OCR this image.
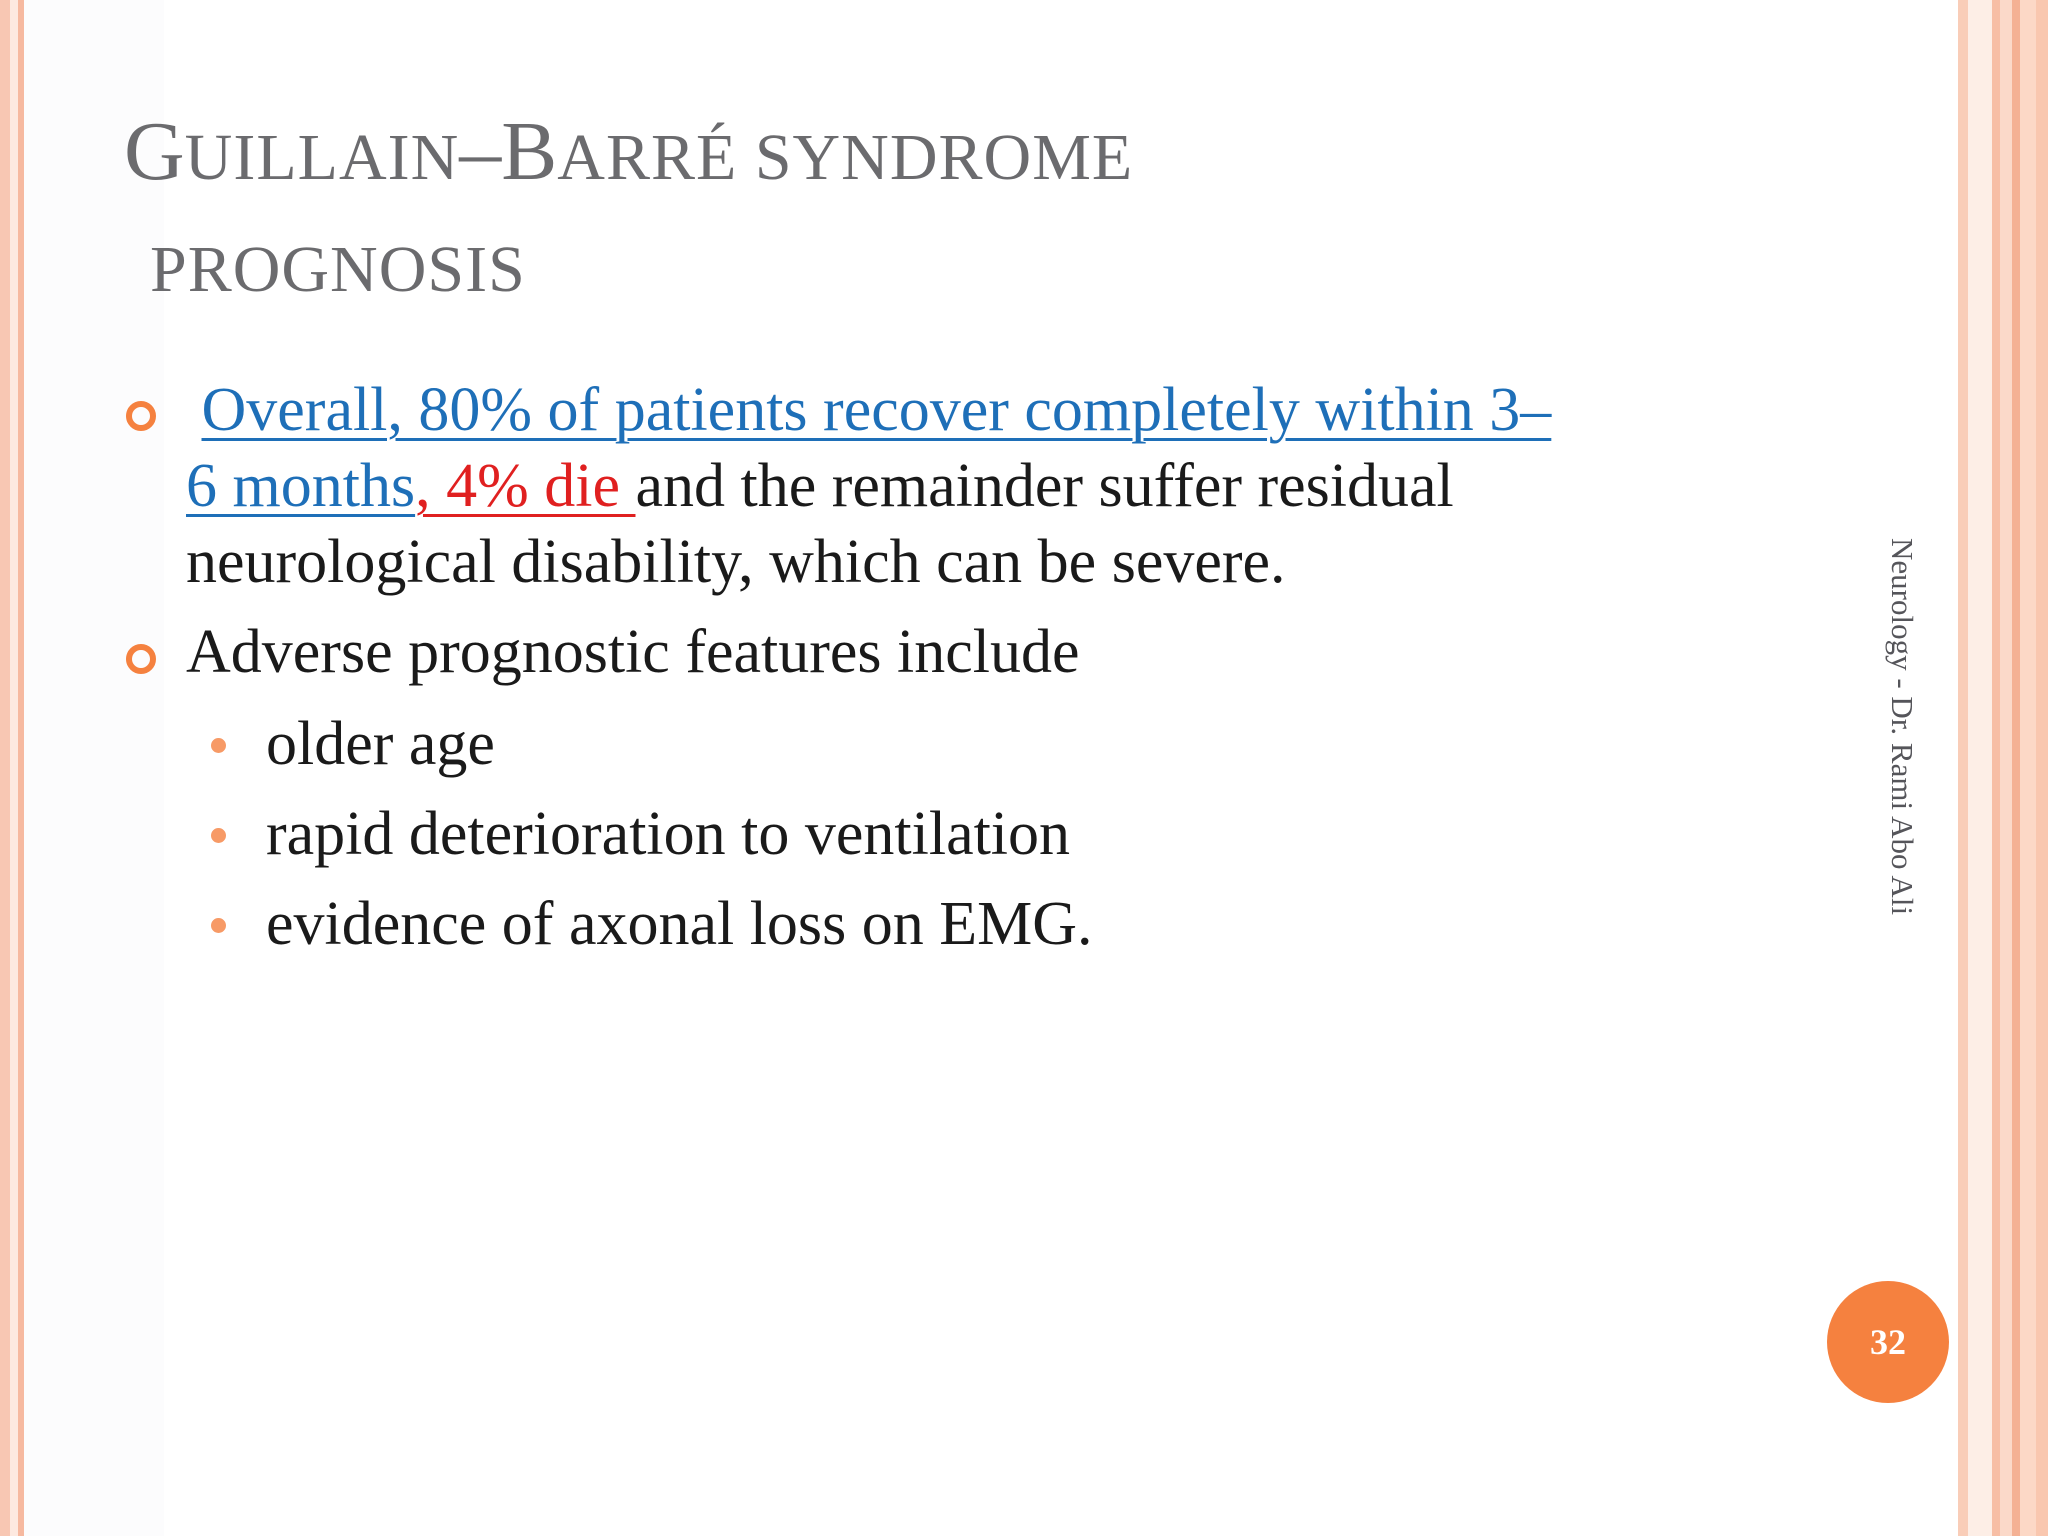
GUILLAIN–BARRÉ SYNDROME
PROGNOSIS
Overall, 80% of patients recover completely within 3–
6 months, 4% die and the remainder suffer residual
neurological disability, which can be severe.
Adverse prognostic features include
older age
rapid deterioration to ventilation
evidence of axonal loss on EMG.
Neurology - Dr. Rami Abo Ali
32
